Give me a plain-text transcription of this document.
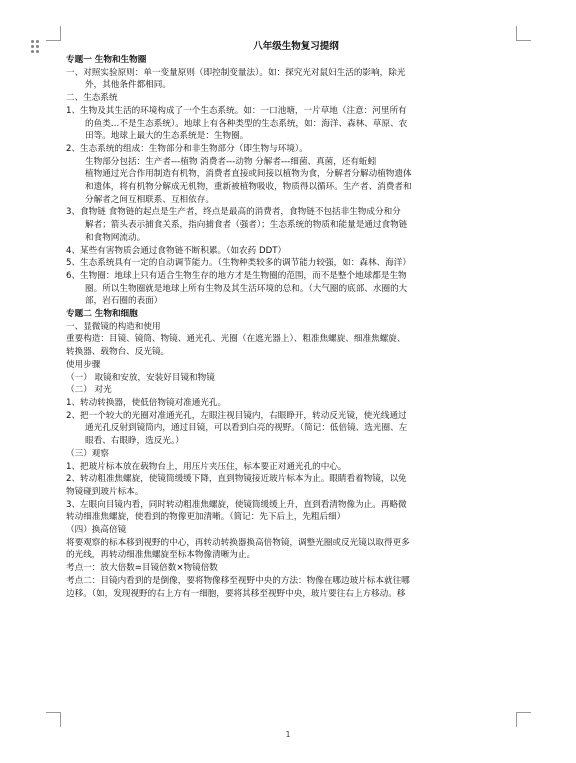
八年级生物复习提纲
专题一 生物和生物圈
一、对照实验原则：单一变量原则（即控制变量法）。如：探究光对鼠妇生活的影响，除光
外，其他条件都相同。
二、生态系统
1、生物及其生活的环境构成了一个生态系统。如：一口池塘，一片草地（注意：河里所有
的鱼类…不是生态系统）。地球上有各种类型的生态系统，如：海洋、森林、草原、农
田等。地球上最大的生态系统是：生物圈。
2、生态系统的组成：生物部分和非生物部分（即生物与环境）。
生物部分包括：生产者---植物 消费者---动物 分解者---细菌、真菌，还有蚯蚓
植物通过光合作用制造有机物，消费者直接或间接以植物为食，分解者分解动植物遗体
和遗体，将有机物分解成无机物，重新被植物吸收，物质得以循环。生产者、消费者和
分解者之间互相联系、互相依存。
3、食物链 食物链的起点是生产者，终点是最高的消费者，食物链不包括非生物成分和分
解者；箭头表示捕食关系，指向捕食者（强者）；生态系统的物质和能量是通过食物链
和食物网流动。
4、某些有害物质会通过食物链不断积累。（如农药 DDT）
5、生态系统具有一定的自动调节能力。（生物种类较多的调节能力较强，如：森林、海洋）
6、生物圈：地球上只有适合生物生存的地方才是生物圈的范围，而不是整个地球都是生物
圈。所以生物圈就是地球上所有生物及其生活环境的总和。（大气圈的底部、水圈的大
部，岩石圈的表面）
专题二 生物和细胞
一、显微镜的构造和使用
重要构造：目镜、镜筒、物镜、通光孔、光圈（在遮光器上）、粗准焦螺旋、细准焦螺旋、
转换器、载物台、反光镜。
使用步骤
（一） 取镜和安放，安装好目镜和物镜
（二） 对光
1、转动转换器，使低倍物镜对准通光孔。
2、把一个较大的光圈对准通光孔，左眼注视目镜内，右眼睁开，转动反光镜，使光线通过
通光孔反射到镜筒内，通过目镜，可以看到白亮的视野。（简记：低倍镜、选光圈、左
眼看、右眼睁，选反光。）
（三）观察
1、把玻片标本放在载物台上，用压片夹压住，标本要正对通光孔的中心。
2、转动粗准焦螺旋，使镜筒缓缓下降，直到物镜接近玻片标本为止。眼睛看着物镜，以免
物镜碰到玻片标本。
3、左眼向目镜内看，同时转动粗准焦螺旋，使镜筒缓缓上升，直到看清物像为止。再略微
转动细准焦螺旋，使看到的物像更加清晰。（简记：先下后上，先粗后细）
（四）换高倍镜
将要观察的标本移到视野的中心，再转动转换器换高倍物镜，调整光圈或反光镜以取得更多
的光线，再转动细准焦螺旋至标本物像清晰为止。
考点一：放大倍数=目镜倍数×物镜倍数
考点二：目镜内看到的是倒像，要将物像移至视野中央的方法：物像在哪边玻片标本就往哪
边移。（如，发现视野的右上方有一细胞，要将其移至视野中央，玻片要往右上方移动。移
1
